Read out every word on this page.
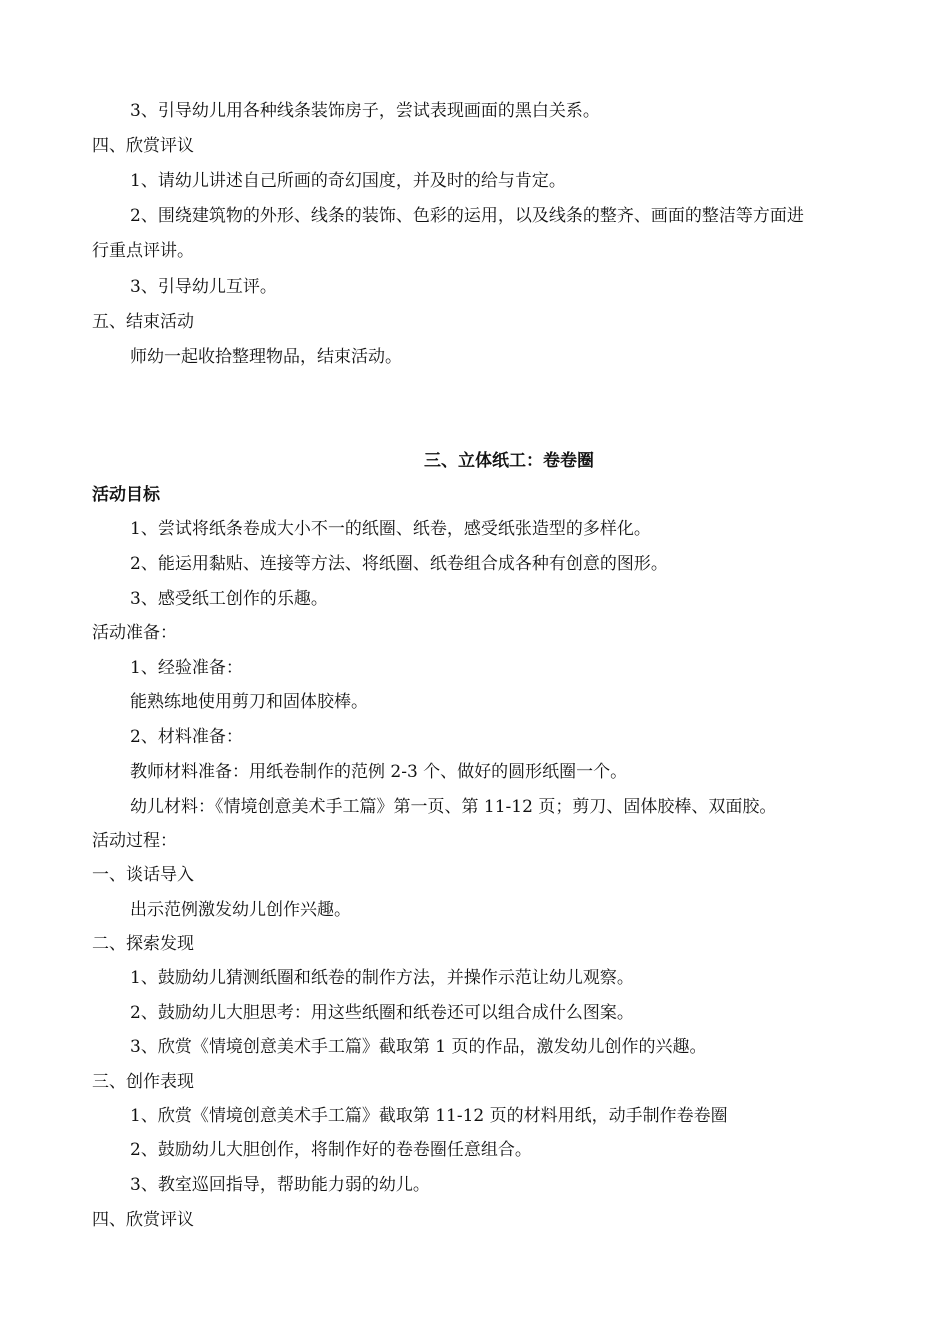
3、引导幼儿用各种线条装饰房子，尝试表现画面的黑白关系。
四、欣赏评议
1、请幼儿讲述自己所画的奇幻国度，并及时的给与肯定。
2、围绕建筑物的外形、线条的装饰、色彩的运用，以及线条的整齐、画面的整洁等方面进
行重点评讲。
3、引导幼儿互评。
五、结束活动
师幼一起收拾整理物品，结束活动。
三、立体纸工：卷卷圈
活动目标
1、尝试将纸条卷成大小不一的纸圈、纸卷，感受纸张造型的多样化。
2、能运用黏贴、连接等方法、将纸圈、纸卷组合成各种有创意的图形。
3、感受纸工创作的乐趣。
活动准备：
1、经验准备：
能熟练地使用剪刀和固体胶棒。
2、材料准备：
教师材料准备：用纸卷制作的范例 2-3 个、做好的圆形纸圈一个。
幼儿材料：《情境创意美术手工篇》第一页、第 11-12 页；剪刀、固体胶棒、双面胶。
活动过程：
一、谈话导入
出示范例激发幼儿创作兴趣。
二、探索发现
1、鼓励幼儿猜测纸圈和纸卷的制作方法，并操作示范让幼儿观察。
2、鼓励幼儿大胆思考：用这些纸圈和纸卷还可以组合成什么图案。
3、欣赏《情境创意美术手工篇》截取第 1 页的作品，激发幼儿创作的兴趣。
三、创作表现
1、欣赏《情境创意美术手工篇》截取第 11-12 页的材料用纸，动手制作卷卷圈
2、鼓励幼儿大胆创作，将制作好的卷卷圈任意组合。
3、教室巡回指导，帮助能力弱的幼儿。
四、欣赏评议
